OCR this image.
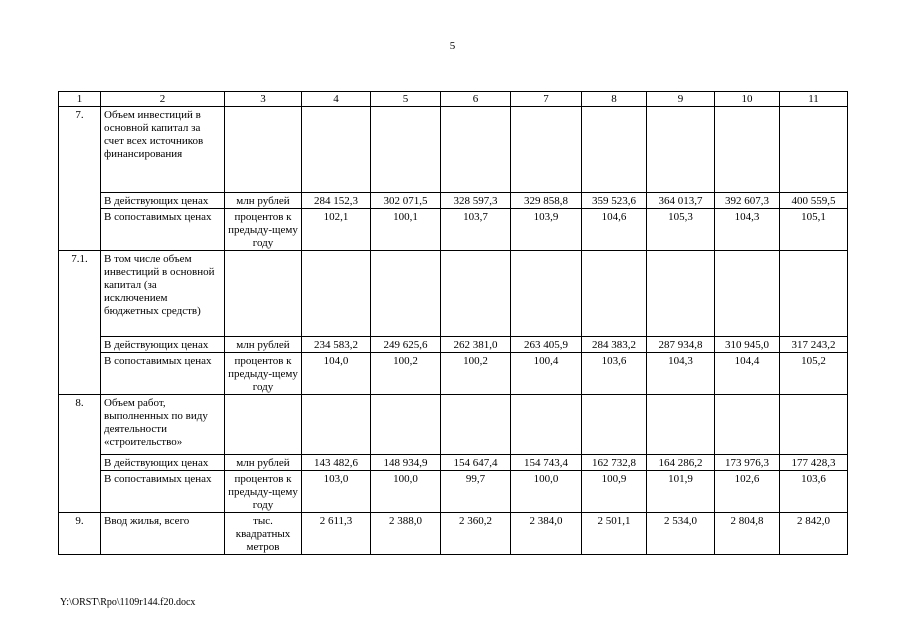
5
1	2	3	4	5	6	7	8	9	10	11
7.	Объем инвестиций в основной капитал за счет всех источников финансирования									
	В действующих ценах	млн рублей	284 152,3	302 071,5	328 597,3	329 858,8	359 523,6	364 013,7	392 607,3	400 559,5
	В сопоставимых ценах	процентов к предыду-щему году	102,1	100,1	103,7	103,9	104,6	105,3	104,3	105,1
7.1.	В том числе объем инвестиций в основной капитал (за исключением бюджетных средств)									
	В действующих ценах	млн рублей	234 583,2	249 625,6	262 381,0	263 405,9	284 383,2	287 934,8	310 945,0	317 243,2
	В сопоставимых ценах	процентов к предыду-щему году	104,0	100,2	100,2	100,4	103,6	104,3	104,4	105,2
8.	Объем работ, выполненных по виду деятельности «строительство»									
	В действующих ценах	млн рублей	143 482,6	148 934,9	154 647,4	154 743,4	162 732,8	164 286,2	173 976,3	177 428,3
	В сопоставимых ценах	процентов к предыду-щему году	103,0	100,0	99,7	100,0	100,9	101,9	102,6	103,6
9.	Ввод жилья, всего	тыс. квадратных метров	2 611,3	2 388,0	2 360,2	2 384,0	2 501,1	2 534,0	2 804,8	2 842,0
Y:\ORST\Rpo\1109r144.f20.docx
